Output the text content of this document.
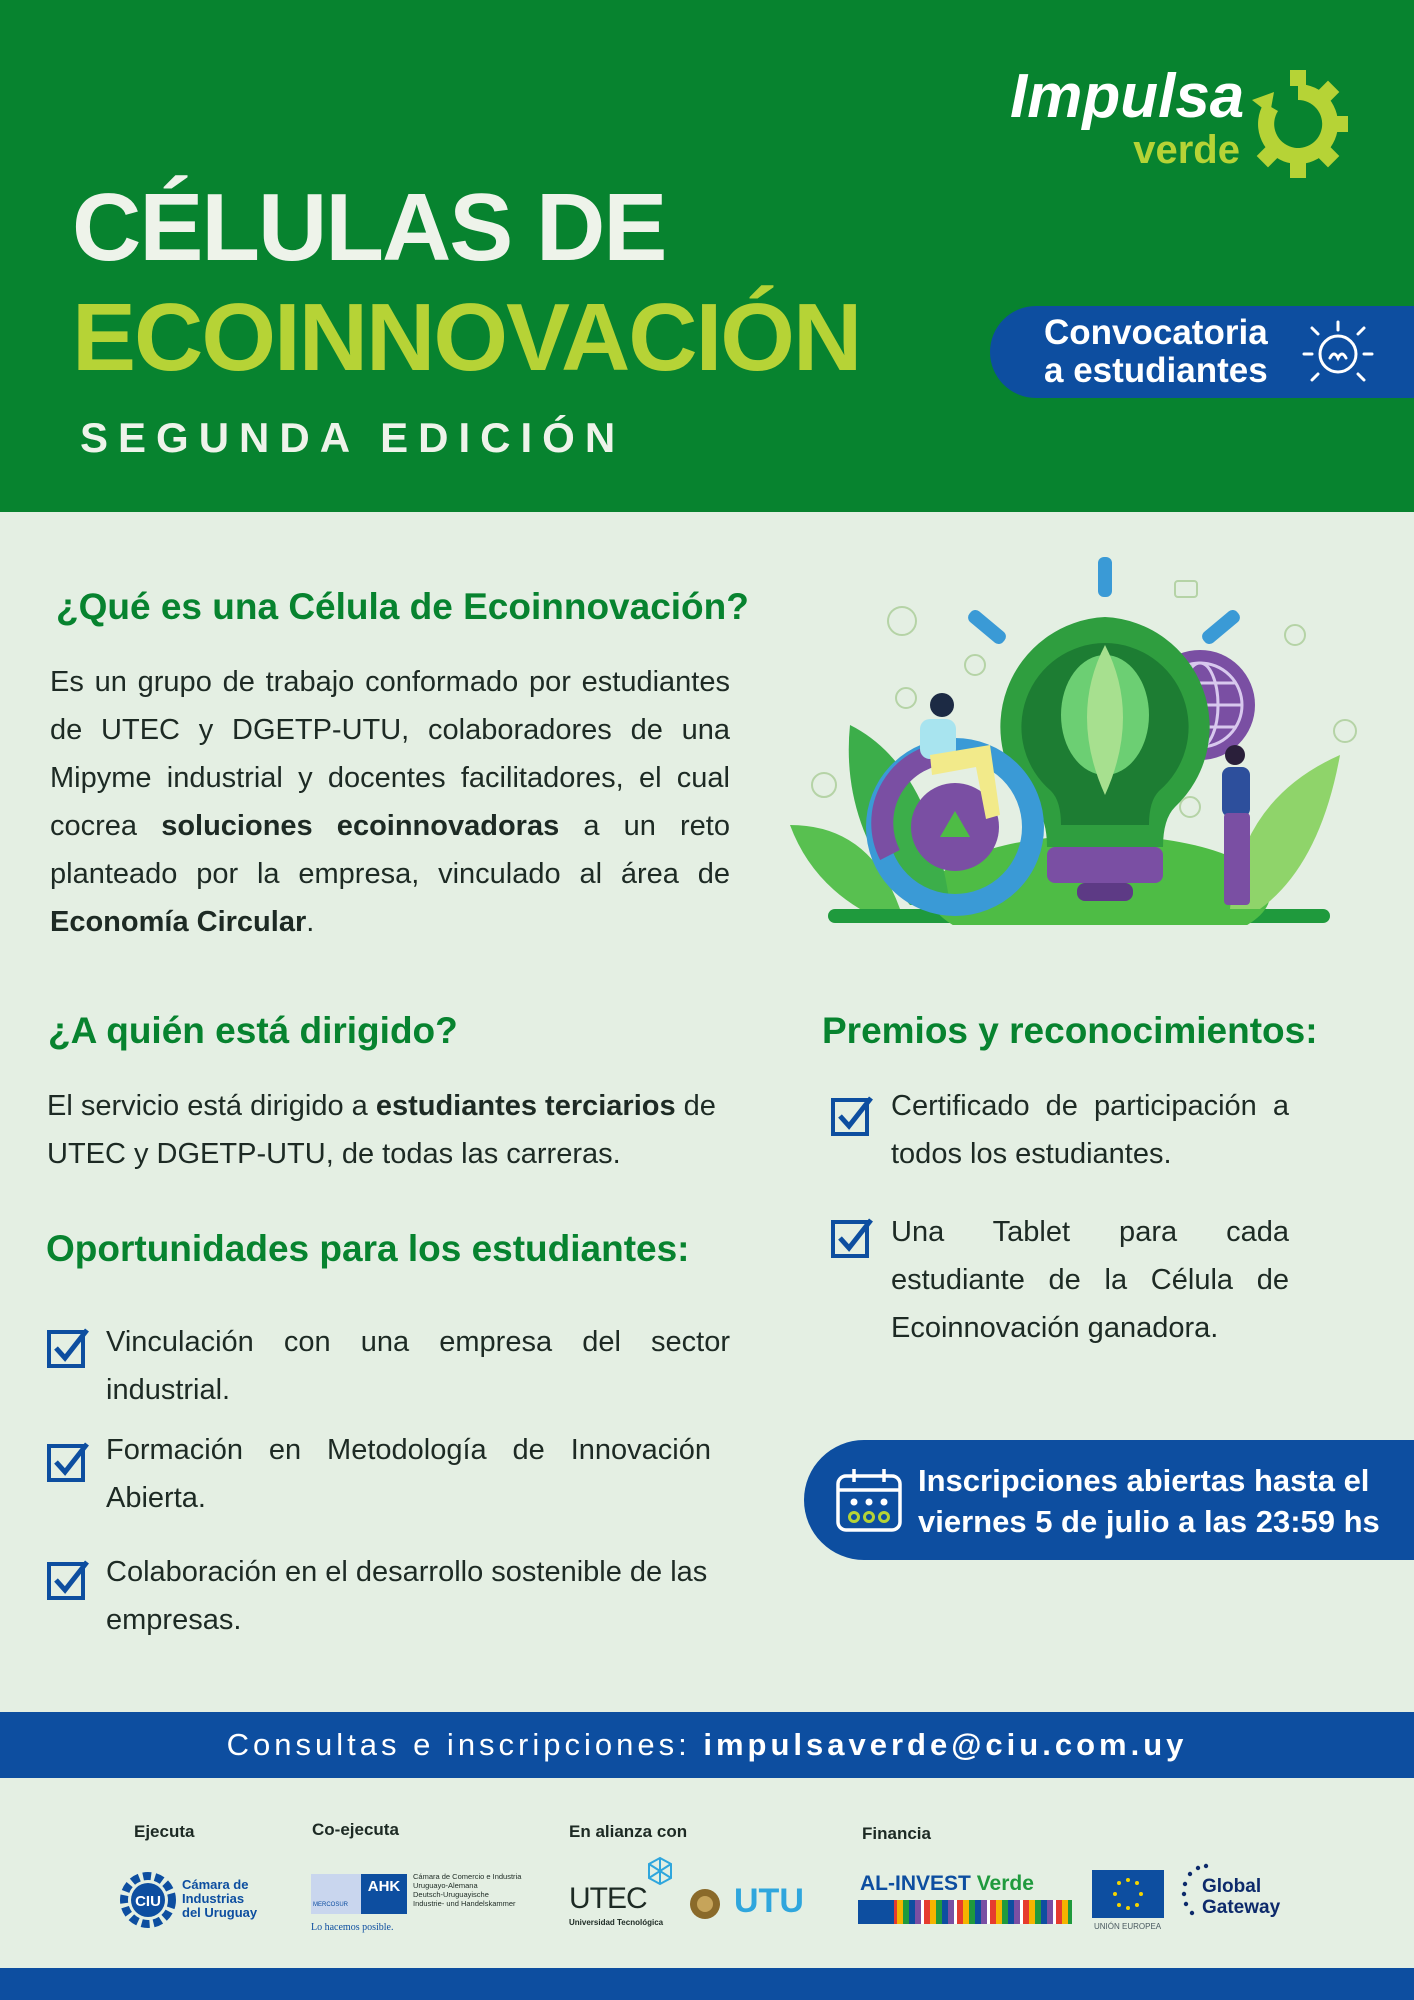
CÉLULAS DE
ECOINNOVACIÓN
SEGUNDA EDICIÓN
Impulsa
verde
Convocatoria
a estudiantes
¿Qué es una Célula de Ecoinnovación?
Es un grupo de trabajo conformado por estudiantes de UTEC y DGETP-UTU, colaboradores de una Mipyme industrial y docentes facilitadores, el cual cocrea soluciones ecoinnovadoras a un reto planteado por la empresa, vinculado al área de Economía Circular.
¿A quién está dirigido?
El servicio está dirigido a estudiantes terciarios de UTEC y DGETP-UTU, de todas las carreras.
Oportunidades para los estudiantes:
Vinculación con una empresa del sector industrial.
Formación en Metodología de Innovación Abierta.
Colaboración en el desarrollo sostenible de las empresas.
Premios y reconocimientos:
Certificado de participación a todos los estudiantes.
Una Tablet para cada estudiante de la Célula de Ecoinnovación ganadora.
Inscripciones abiertas hasta el
viernes 5 de julio a las 23:59 hs
Consultas e inscripciones: impulsaverde@ciu.com.uy
Ejecuta	Co-ejecuta	En alianza con	Financia
CIU
Cámara de
Industrias
del Uruguay	MERCOSUR
AHK
Cámara de Comercio e Industria
Uruguayo-Alemana
Deutsch-Uruguayische
Industrie- und Handelskammer
Lo hacemos posible.
UTEC
Universidad Tecnológica
UTU	AL-INVEST Verde
UNIÓN EUROPEA
Global
Gateway
